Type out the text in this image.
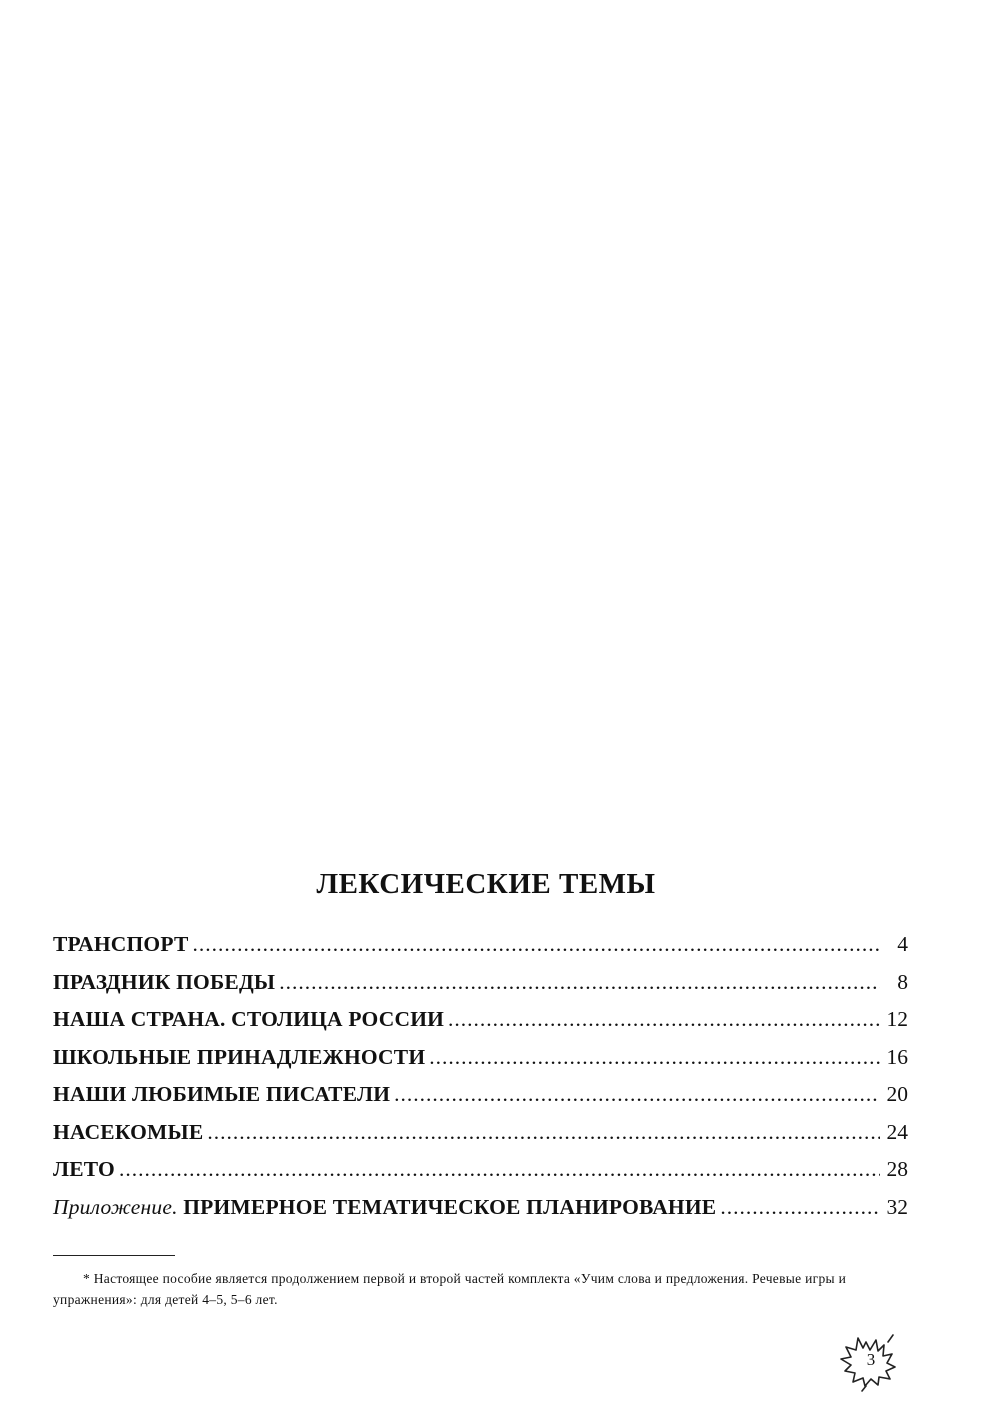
ЛЕКСИЧЕСКИЕ ТЕМЫ
ТРАНСПОРТ .....	4
ПРАЗДНИК ПОБЕДЫ .....	8
НАША СТРАНА. СТОЛИЦА РОССИИ .....	12
ШКОЛЬНЫЕ ПРИНАДЛЕЖНОСТИ .....	16
НАШИ ЛЮБИМЫЕ ПИСАТЕЛИ .....	20
НАСЕКОМЫЕ .....	24
ЛЕТО .....	28
Приложение. ПРИМЕРНОЕ ТЕМАТИЧЕСКОЕ ПЛАНИРОВАНИЕ .....	32
* Настоящее пособие является продолжением первой и второй частей комплекта «Учим слова и предложения. Речевые игры и упражнения»: для детей 4–5, 5–6 лет.
3
